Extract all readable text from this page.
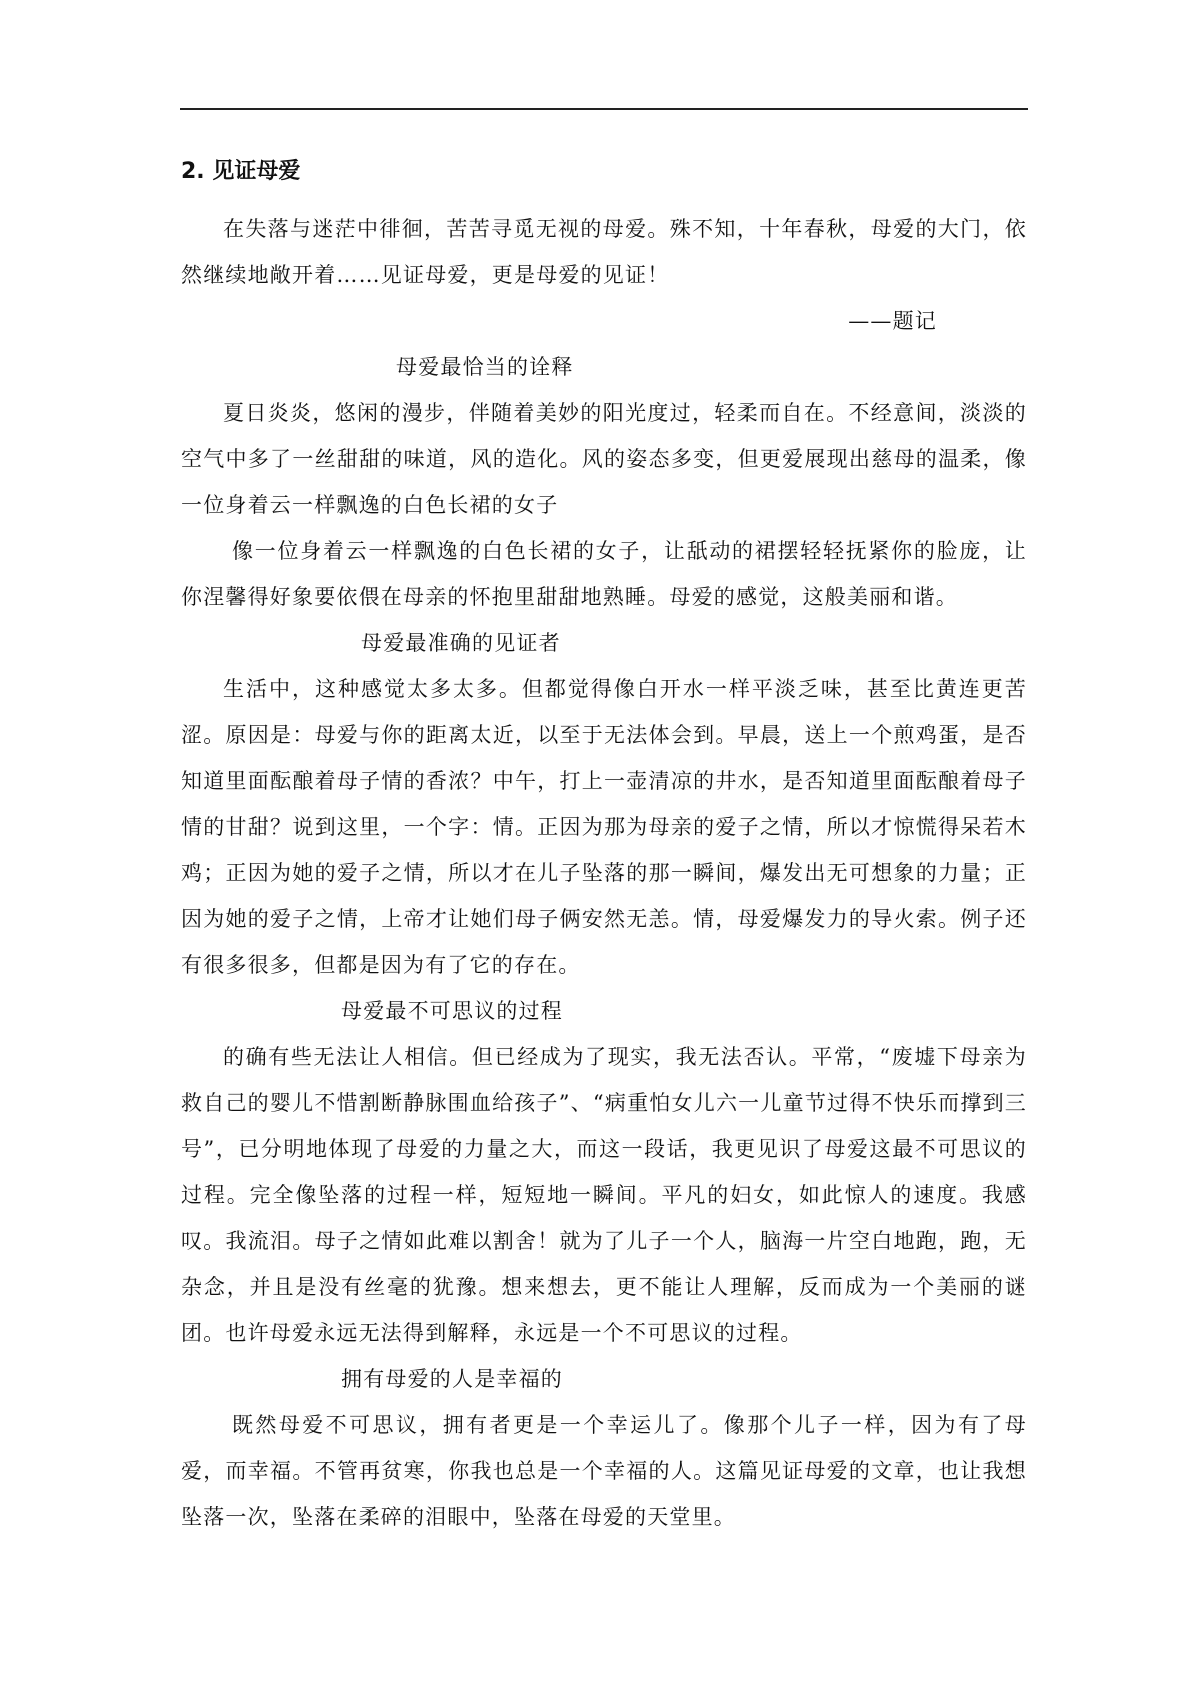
2. 见证母爱

在失落与迷茫中徘徊，苦苦寻觅无视的母爱。殊不知，十年春秋，母爱的大门，依然继续地敞开着……见证母爱，更是母爱的见证！

——题记

母爱最恰当的诠释

夏日炎炎，悠闲的漫步，伴随着美妙的阳光度过，轻柔而自在。不经意间，淡淡的空气中多了一丝甜甜的味道，风的造化。风的姿态多变，但更爱展现出慈母的温柔，像一位身着云一样飘逸的白色长裙的女子

像一位身着云一样飘逸的白色长裙的女子，让舐动的裙摆轻轻抚紧你的脸庞，让你涅馨得好象要依偎在母亲的怀抱里甜甜地熟睡。母爱的感觉，这般美丽和谐。

母爱最准确的见证者

生活中，这种感觉太多太多。但都觉得像白开水一样平淡乏味，甚至比黄连更苦涩。原因是：母爱与你的距离太近，以至于无法体会到。早晨，送上一个煎鸡蛋，是否知道里面酝酿着母子情的香浓？中午，打上一壶清凉的井水，是否知道里面酝酿着母子情的甘甜？说到这里，一个字：情。正因为那为母亲的爱子之情，所以才惊慌得呆若木鸡；正因为她的爱子之情，所以才在儿子坠落的那一瞬间，爆发出无可想象的力量；正因为她的爱子之情，上帝才让她们母子俩安然无恙。情，母爱爆发力的导火索。例子还有很多很多，但都是因为有了它的存在。

母爱最不可思议的过程

的确有些无法让人相信。但已经成为了现实，我无法否认。平常，“废墟下母亲为救自己的婴儿不惜割断静脉围血给孩子”、“病重怕女儿六一儿童节过得不快乐而撑到三号”，已分明地体现了母爱的力量之大，而这一段话，我更见识了母爱这最不可思议的过程。完全像坠落的过程一样，短短地一瞬间。平凡的妇女，如此惊人的速度。我感叹。我流泪。母子之情如此难以割舍！就为了儿子一个人，脑海一片空白地跑，跑，无杂念，并且是没有丝毫的犹豫。想来想去，更不能让人理解，反而成为一个美丽的谜团。也许母爱永远无法得到解释，永远是一个不可思议的过程。

拥有母爱的人是幸福的

既然母爱不可思议，拥有者更是一个幸运儿了。像那个儿子一样，因为有了母爱，而幸福。不管再贫寒，你我也总是一个幸福的人。这篇见证母爱的文章，也让我想坠落一次，坠落在柔碎的泪眼中，坠落在母爱的天堂里。
